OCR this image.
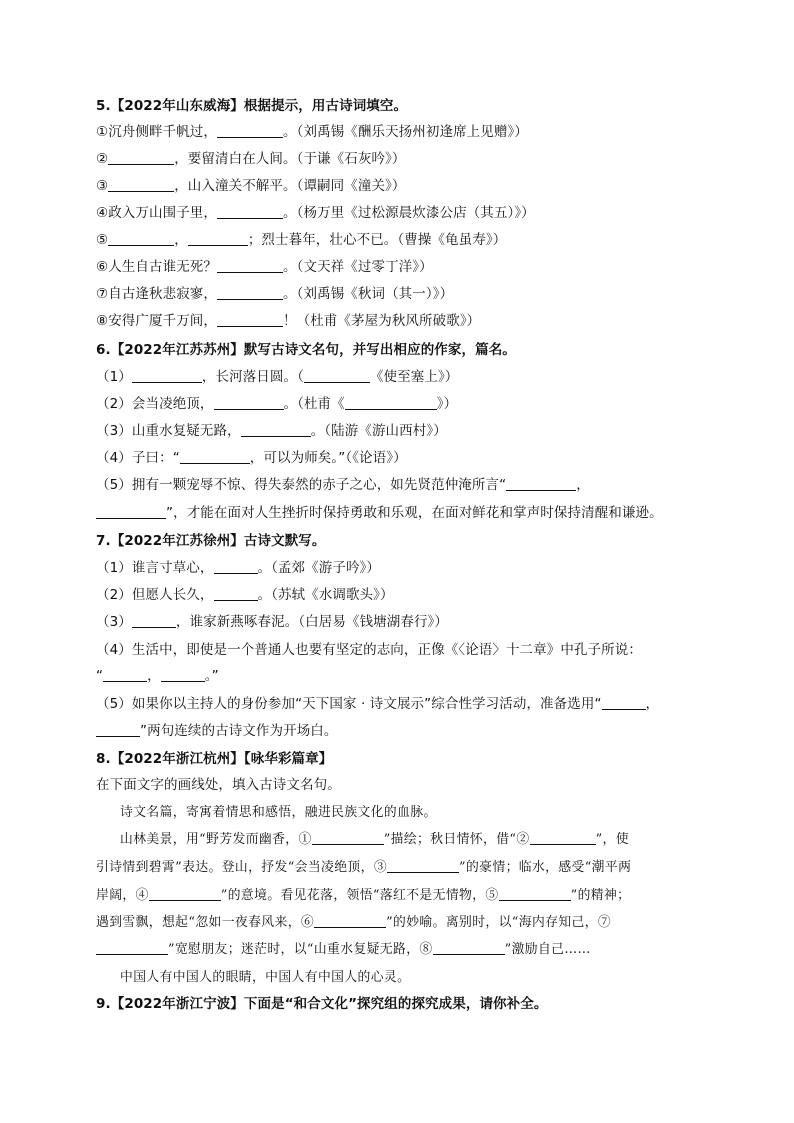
5.【2022年山东威海】根据提示，用古诗词填空。
①沉舟侧畔千帆过，	。（刘禹锡《酬乐天扬州初逢席上见赠》）
②	，要留清白在人间。（于谦《石灰吟》）
③	，山入潼关不解平。（谭嗣同《潼关》）
④政入万山围子里，	。（杨万里《过松源晨炊漆公店（其五）》）
⑤	，	；烈士暮年，壮心不已。（曹操《龟虽寿》）
⑥人生自古谁无死？	。（文天祥《过零丁洋》）
⑦自古逢秋悲寂寥，	。（刘禹锡《秋词（其一）》）
⑧安得广厦千万间，	！（杜甫《茅屋为秋风所破歌》）
6.【2022年江苏苏州】默写古诗文名句，并写出相应的作家，篇名。
（1）	，长河落日圆。（	《使至塞上》）
（2）会当凌绝顶，	。（杜甫《	》）
（3）山重水复疑无路，	。（陆游《游山西村》）
（4）子曰：“	，可以为师矣。”（《论语》）
（5）拥有一颗宠辱不惊、得失泰然的赤子之心，如先贤范仲淹所言“	，
”，才能在面对人生挫折时保持勇敢和乐观，在面对鲜花和掌声时保持清醒和谦逊。
7.【2022年江苏徐州】古诗文默写。
（1）谁言寸草心，	。（孟郊《游子吟》）
（2）但愿人长久，	。（苏轼《水调歌头》）
（3）	，谁家新燕啄春泥。（白居易《钱塘湖春行》）
（4）生活中，即使是一个普通人也要有坚定的志向，正像《〈论语〉十二章》中孔子所说：
“	，	。”
（5）如果你以主持人的身份参加“天下国家 · 诗文展示”综合性学习活动，准备选用“	，
”两句连续的古诗文作为开场白。
8.【2022年浙江杭州】【咏华彩篇章】
在下面文字的画线处，填入古诗文名句。
诗文名篇，寄寓着情思和感悟，融进民族文化的血脉。
山林美景，用“野芳发而幽香，①	”描绘；秋日情怀，借“②	”，使
引诗情到碧霄”表达。登山，抒发“会当凌绝顶，③	”的豪情；临水，感受“潮平两
岸阔，④	”的意境。看见花落，领悟“落红不是无情物，⑤	”的精神；
遇到雪飘，想起“忽如一夜春风来，⑥	”的妙喻。离别时，以“海内存知己，⑦
”宽慰朋友；迷茫时，以“山重水复疑无路，⑧	”激励自己……
中国人有中国人的眼睛，中国人有中国人的心灵。
9.【2022年浙江宁波】下面是“和合文化”探究组的探究成果，请你补全。
